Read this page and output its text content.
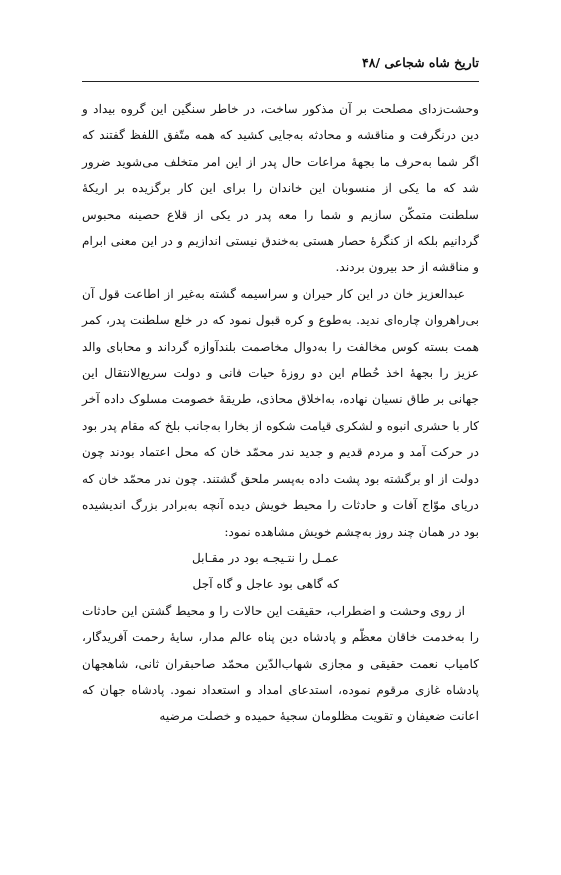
تاریخ شاه شجاعی /۴۸

وحشت‌زدای مصلحت بر آن مذکور ساخت، در خاطر سنگین این گروه بیداد و دین درنگرفت و مناقشه و محادثه به‌جایی کشید که همه متّفق اللفظ گفتند که اگر شما به‌حرف ما بجهۀ مراعات حال پدر از این امر متخلف می‌شوید ضرور شد که ما یکی از منسوبان این خاندان را برای این کار برگزیده بر اریکۀ سلطنت متمکّن سازیم و شما را معه پدر در یکی از قلاع حصینه محبوس گردانیم بلکه از کنگرۀ حصار هستی به‌خندق نیستی اندازیم و در این معنی ابرام و مناقشه از حد بیرون بردند.

عبدالعزیز خان در این کار حیران و سراسیمه گشته به‌غیر از اطاعت قول آن بی‌راهروان چاره‌ای ندید. به‌طوع و کره قبول نمود که در خلع سلطنت پدر، کمر همت بسته کوس مخالفت را به‌دوال مخاصمت بلندآوازه گرداند و محابای والد عزیز را بجهۀ اخذ حُطام این دو روزۀ حیات فانی و دولت سریع‌الانتقال این جهانی بر طاق نسیان نهاده، به‌اخلاق محاذی، طریقۀ خصومت مسلوک داده آخر کار با حشری انبوه و لشکری قیامت شکوه از بخارا به‌جانب بلخ که مقام پدر بود در حرکت آمد و مردم قدیم و جدید ندر محمّد خان که محل اعتماد بودند چون دولت از او برگشته بود پشت داده به‌پسر ملحق گشتند. چون ندر محمّد خان که دریای موّاج آفات و حادثات را محیط خویش دیده آنچه به‌برادر بزرگ اندیشیده بود در همان چند روز به‌چشم خویش مشاهده نمود:

عمـل را نتـیجـه بود در مقـابل

که گاهی بود عاجل و گاه آجل

از روی وحشت و اضطراب، حقیقت این حالات را و محیط گشتن این حادثات را به‌خدمت خاقان معظّم و پادشاه دین پناه عالم مدار، سایۀ رحمت آفریدگار، کامیاب نعمت حقیقی و مجازی شهاب‌الدّین محمّد صاحبقران ثانی، شاهجهان پادشاه غازی مرقوم نموده، استدعای امداد و استعداد نمود. پادشاه جهان که اعانت ضعیفان و تقویت مظلومان سجیۀ حمیده و خصلت مرضیه
